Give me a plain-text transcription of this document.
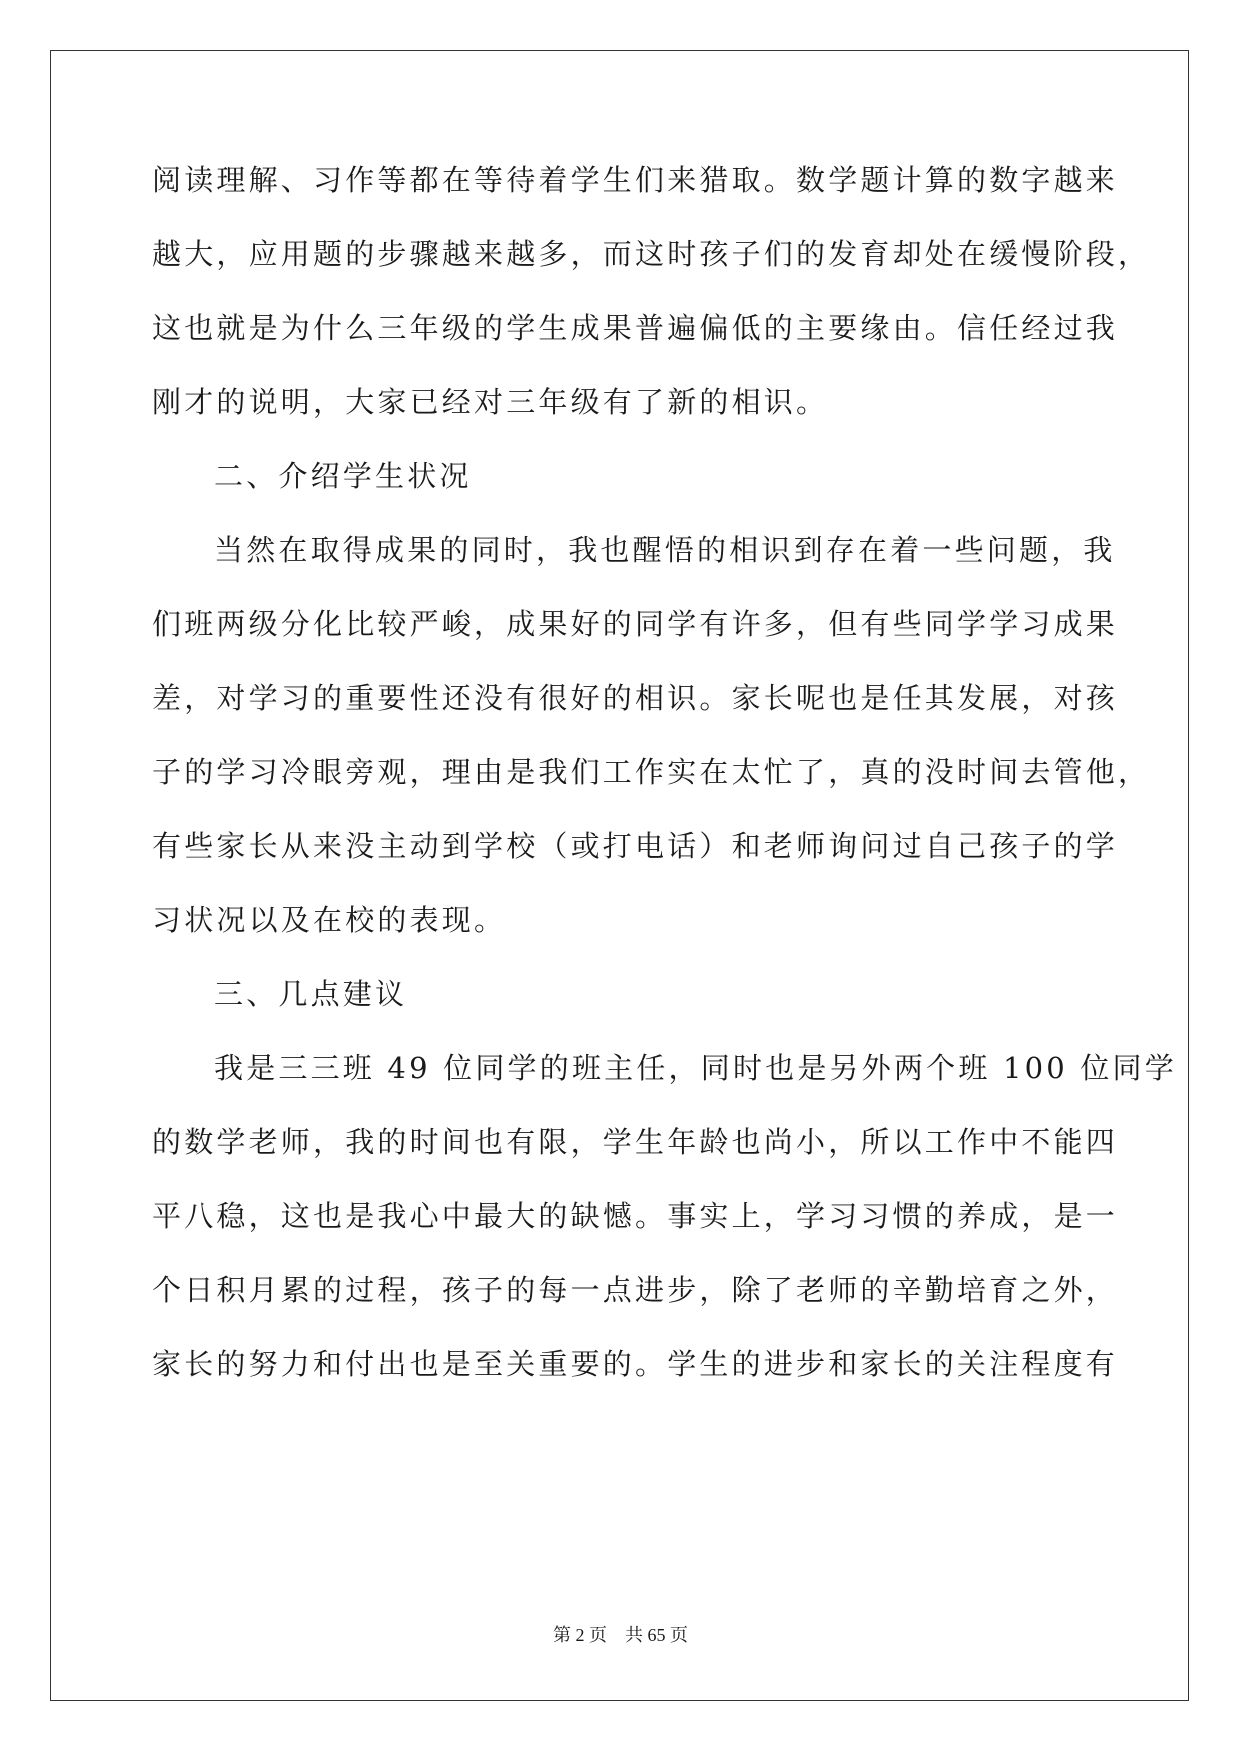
阅读理解、习作等都在等待着学生们来猎取。数学题计算的数字越来
越大，应用题的步骤越来越多，而这时孩子们的发育却处在缓慢阶段，
这也就是为什么三年级的学生成果普遍偏低的主要缘由。信任经过我
刚才的说明，大家已经对三年级有了新的相识。
二、介绍学生状况
当然在取得成果的同时，我也醒悟的相识到存在着一些问题，我
们班两级分化比较严峻，成果好的同学有许多，但有些同学学习成果
差，对学习的重要性还没有很好的相识。家长呢也是任其发展，对孩
子的学习冷眼旁观，理由是我们工作实在太忙了，真的没时间去管他，
有些家长从来没主动到学校（或打电话）和老师询问过自己孩子的学
习状况以及在校的表现。
三、几点建议
我是三三班 49 位同学的班主任，同时也是另外两个班 100 位同学
的数学老师，我的时间也有限，学生年龄也尚小，所以工作中不能四
平八稳，这也是我心中最大的缺憾。事实上，学习习惯的养成，是一
个日积月累的过程，孩子的每一点进步，除了老师的辛勤培育之外，
家长的努力和付出也是至关重要的。学生的进步和家长的关注程度有
第 2 页    共 65 页
